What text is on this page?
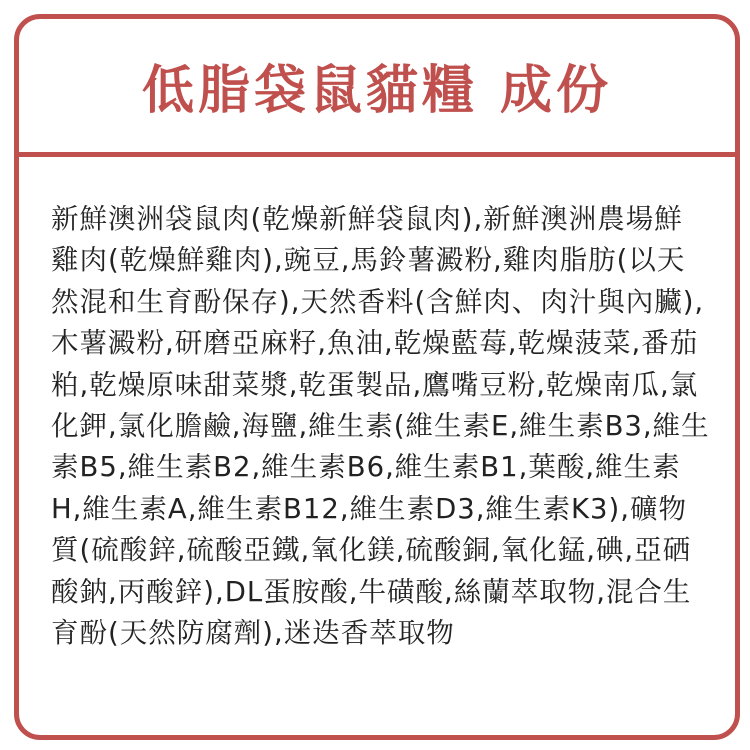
低脂袋鼠貓糧 成份
新鮮澳洲袋鼠肉(乾燥新鮮袋鼠肉),新鮮澳洲農場鮮雞肉(乾燥鮮雞肉),豌豆,馬鈴薯澱粉,雞肉脂肪(以天然混和生育酚保存),天然香料(含鮮肉、肉汁與內臟),木薯澱粉,研磨亞麻籽,魚油,乾燥藍莓,乾燥菠菜,番茄粕,乾燥原味甜菜漿,乾蛋製品,鷹嘴豆粉,乾燥南瓜,氯化鉀,氯化膽鹼,海鹽,維生素(維生素E,維生素B3,維生素B5,維生素B2,維生素B6,維生素B1,葉酸,維生素H,維生素A,維生素B12,維生素D3,維生素K3),礦物質(硫酸鋅,硫酸亞鐵,氧化鎂,硫酸銅,氧化錳,碘,亞硒酸鈉,丙酸鋅),DL蛋胺酸,牛磺酸,絲蘭萃取物,混合生育酚(天然防腐劑),迷迭香萃取物
